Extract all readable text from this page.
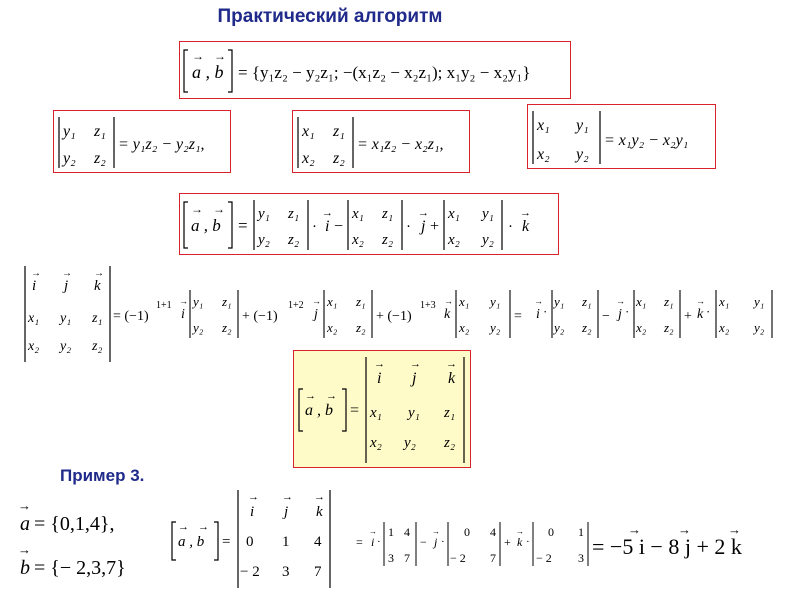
Практический алгоритм
a , b
→ →
= {y₁z₂ − y₂z₁; −(x₁z₂ − x₂z₁); x₁y₂ − x₂y₁}
y₁ z₁
y₂ z₂
= y₁z₂ − y₂z₁,
x₁ z₁
x₂ z₂
= x₁z₂ − x₂z₁,
x₁ y₁
x₂ y₂
= x₁y₂ − x₂y₁
→ →
a , b =
y₁ z₁
y₂ z₂
·
→
i −
x₁ z₁
x₂ z₂
·
→
j +
x₁ y₁
x₂ y₂
·
→
k
→
i
→
j
→
k
x₁ y₁ z₁
x₂ y₂ z₂
= (−1)
1+1 →
i
y₁ z₁
y₂ z₂
+ (−1)
1+2 →
j
x₁ z₁
x₂ z₂
+ (−1)
1+3 →
k
x₁ y₁
x₂ y₂
=
→
i ·
y₁ z₁
y₂ z₂
−
→
j ·
x₁ z₁
x₂ z₂
+
→
k ·
x₁ y₁
x₂ y₂
→ →
a , b =
→
i
→
j
→
k
x₁ y₁ z₁
x₂ y₂ z₂
Пример 3.
→
a = {0,1,4},
→
b = {− 2,3,7}
→ →
a , b =
→
i
→
j
→
k
0 1 4
− 2 3 7
=
→
i ·
1 4
3 7
−
→
j ·
0 4
− 2 7
+
→
k ·
0 1
− 2 3 = −5 i − 8 j + 2 k
→	→	→
